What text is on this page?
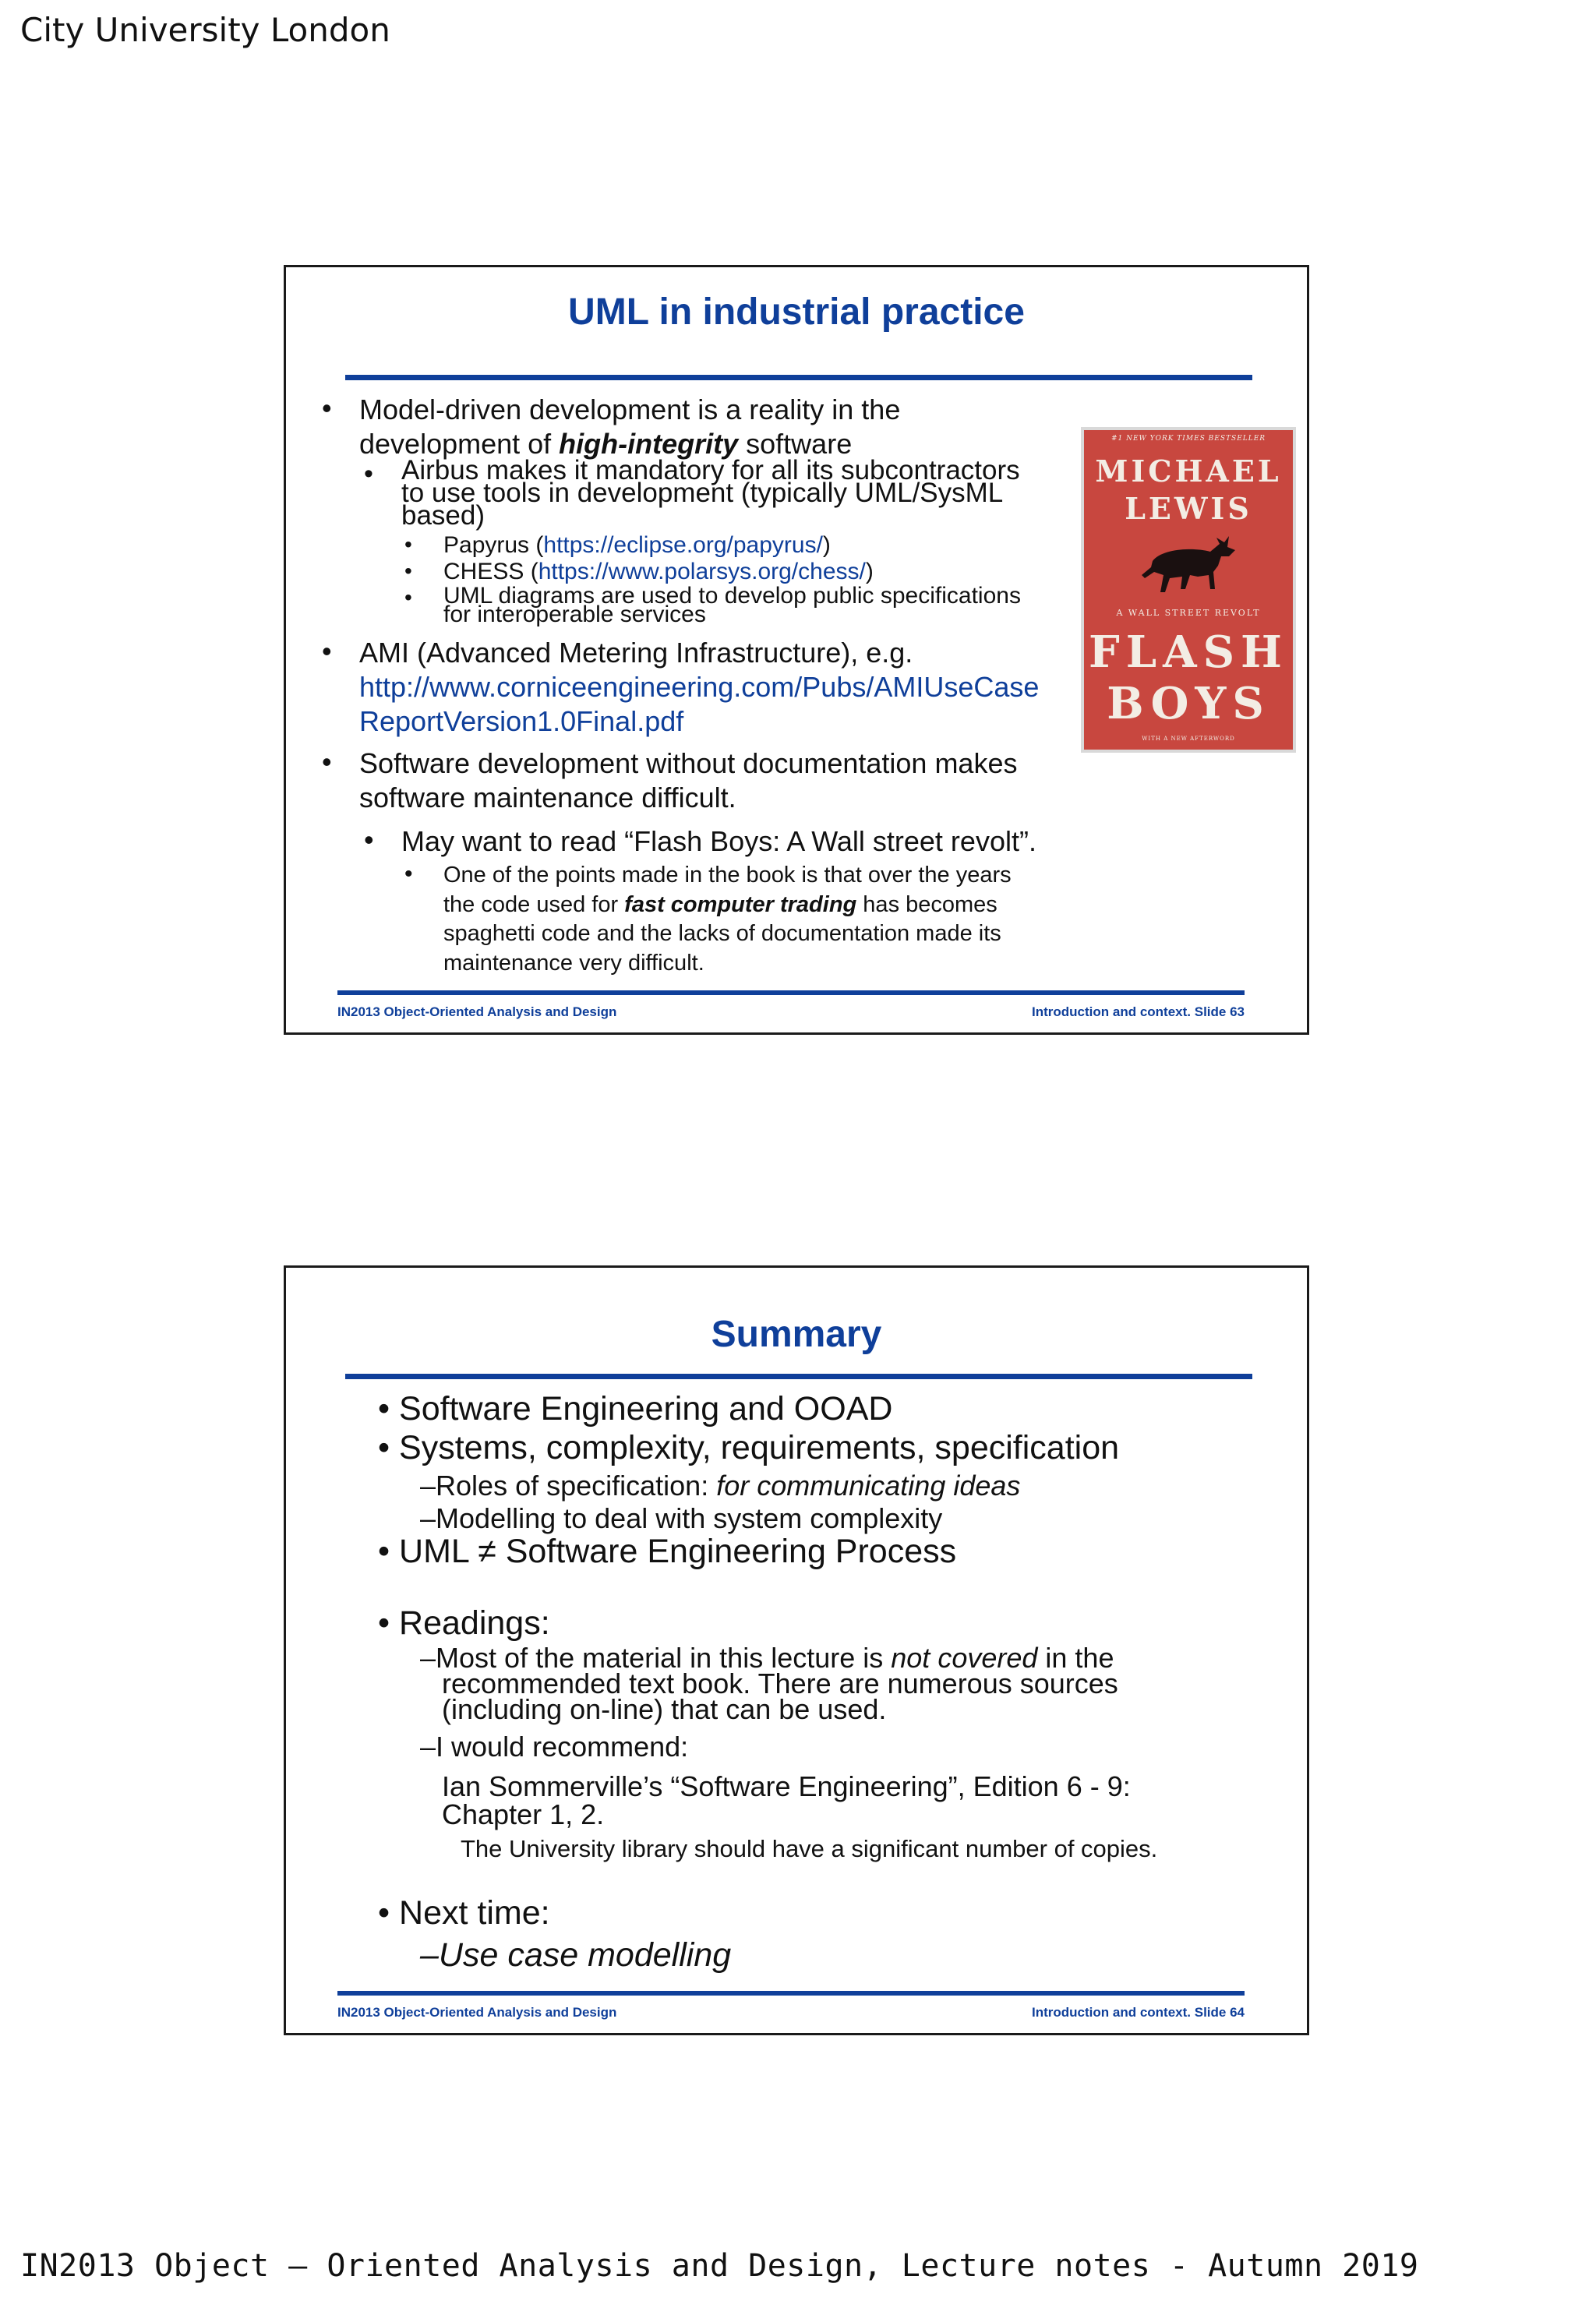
City University London
UML in industrial practice
• Model-driven development is a reality in the
development of high-integrity software
• Airbus makes it mandatory for all its subcontractors
to use tools in development (typically UML/SysML
based)
• Papyrus (https://eclipse.org/papyrus/)
• CHESS (https://www.polarsys.org/chess/)
• UML diagrams are used to develop public specifications
for interoperable services
• AMI (Advanced Metering Infrastructure), e.g.
http://www.corniceengineering.com/Pubs/AMIUseCase
ReportVersion1.0Final.pdf
• Software development without documentation makes
software maintenance difficult.
• May want to read “Flash Boys: A Wall street revolt”.
• One of the points made in the book is that over the years
the code used for fast computer trading has becomes
spaghetti code and the lacks of documentation made its
maintenance very difficult.
#1 NEW YORK TIMES BESTSELLER
MICHAEL
LEWIS
A WALL STREET REVOLT
FLASH
BOYS
WITH A NEW AFTERWORD
IN2013 Object-Oriented Analysis and Design	Introduction and context. Slide 63
Summary
• Software Engineering and OOAD
• Systems, complexity, requirements, specification
–Roles of specification: for communicating ideas
–Modelling to deal with system complexity
• UML ≠ Software Engineering Process
• Readings:
–Most of the material in this lecture is not covered in the
recommended text book. There are numerous sources
(including on-line) that can be used.
–I would recommend:
Ian Sommerville’s “Software Engineering”, Edition 6 - 9:
Chapter 1, 2.
The University library should have a significant number of copies.
• Next time:
–Use case modelling
IN2013 Object-Oriented Analysis and Design	Introduction and context. Slide 64
IN2013 Object – Oriented Analysis and Design, Lecture notes - Autumn 2019
